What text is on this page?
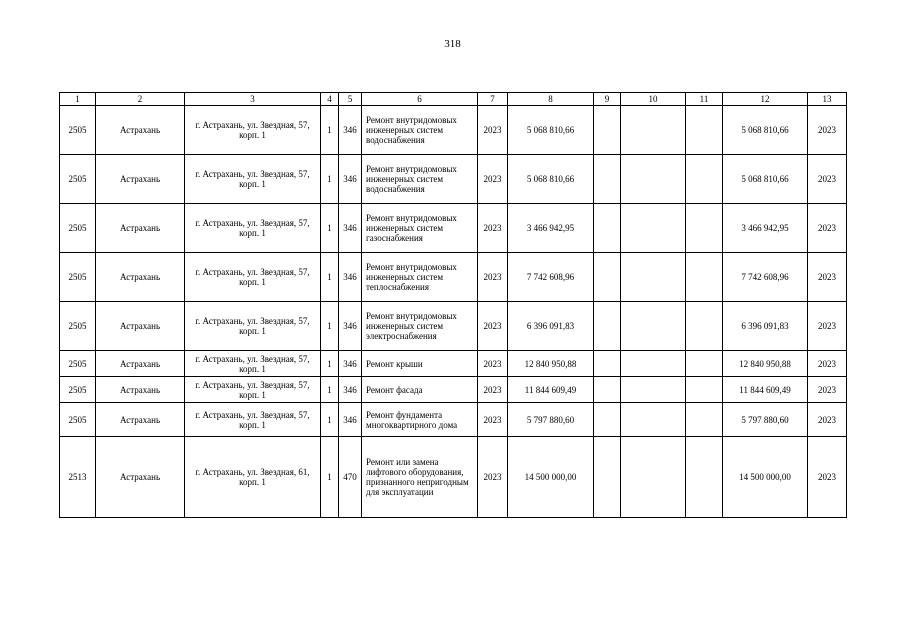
318
1	2	3	4	5	6	7	8	9	10	11	12	13
2505	Астрахань	г. Астрахань, ул. Звездная, 57, корп. 1	1	346	Ремонт внутридомовых инженерных систем водоснабжения	2023	5 068 810,66				5 068 810,66	2023
2505	Астрахань	г. Астрахань, ул. Звездная, 57, корп. 1	1	346	Ремонт внутридомовых инженерных систем водоснабжения	2023	5 068 810,66				5 068 810,66	2023
2505	Астрахань	г. Астрахань, ул. Звездная, 57, корп. 1	1	346	Ремонт внутридомовых инженерных систем газоснабжения	2023	3 466 942,95				3 466 942,95	2023
2505	Астрахань	г. Астрахань, ул. Звездная, 57, корп. 1	1	346	Ремонт внутридомовых инженерных систем теплоснабжения	2023	7 742 608,96				7 742 608,96	2023
2505	Астрахань	г. Астрахань, ул. Звездная, 57, корп. 1	1	346	Ремонт внутридомовых инженерных систем электроснабжения	2023	6 396 091,83				6 396 091,83	2023
2505	Астрахань	г. Астрахань, ул. Звездная, 57, корп. 1	1	346	Ремонт крыши	2023	12 840 950,88				12 840 950,88	2023
2505	Астрахань	г. Астрахань, ул. Звездная, 57, корп. 1	1	346	Ремонт фасада	2023	11 844 609,49				11 844 609,49	2023
2505	Астрахань	г. Астрахань, ул. Звездная, 57, корп. 1	1	346	Ремонт фундамента многоквартирного дома	2023	5 797 880,60				5 797 880,60	2023
2513	Астрахань	г. Астрахань, ул. Звездная, 61, корп. 1	1	470	Ремонт или замена лифтового оборудования, признанного непригодным для эксплуатации	2023	14 500 000,00				14 500 000,00	2023
